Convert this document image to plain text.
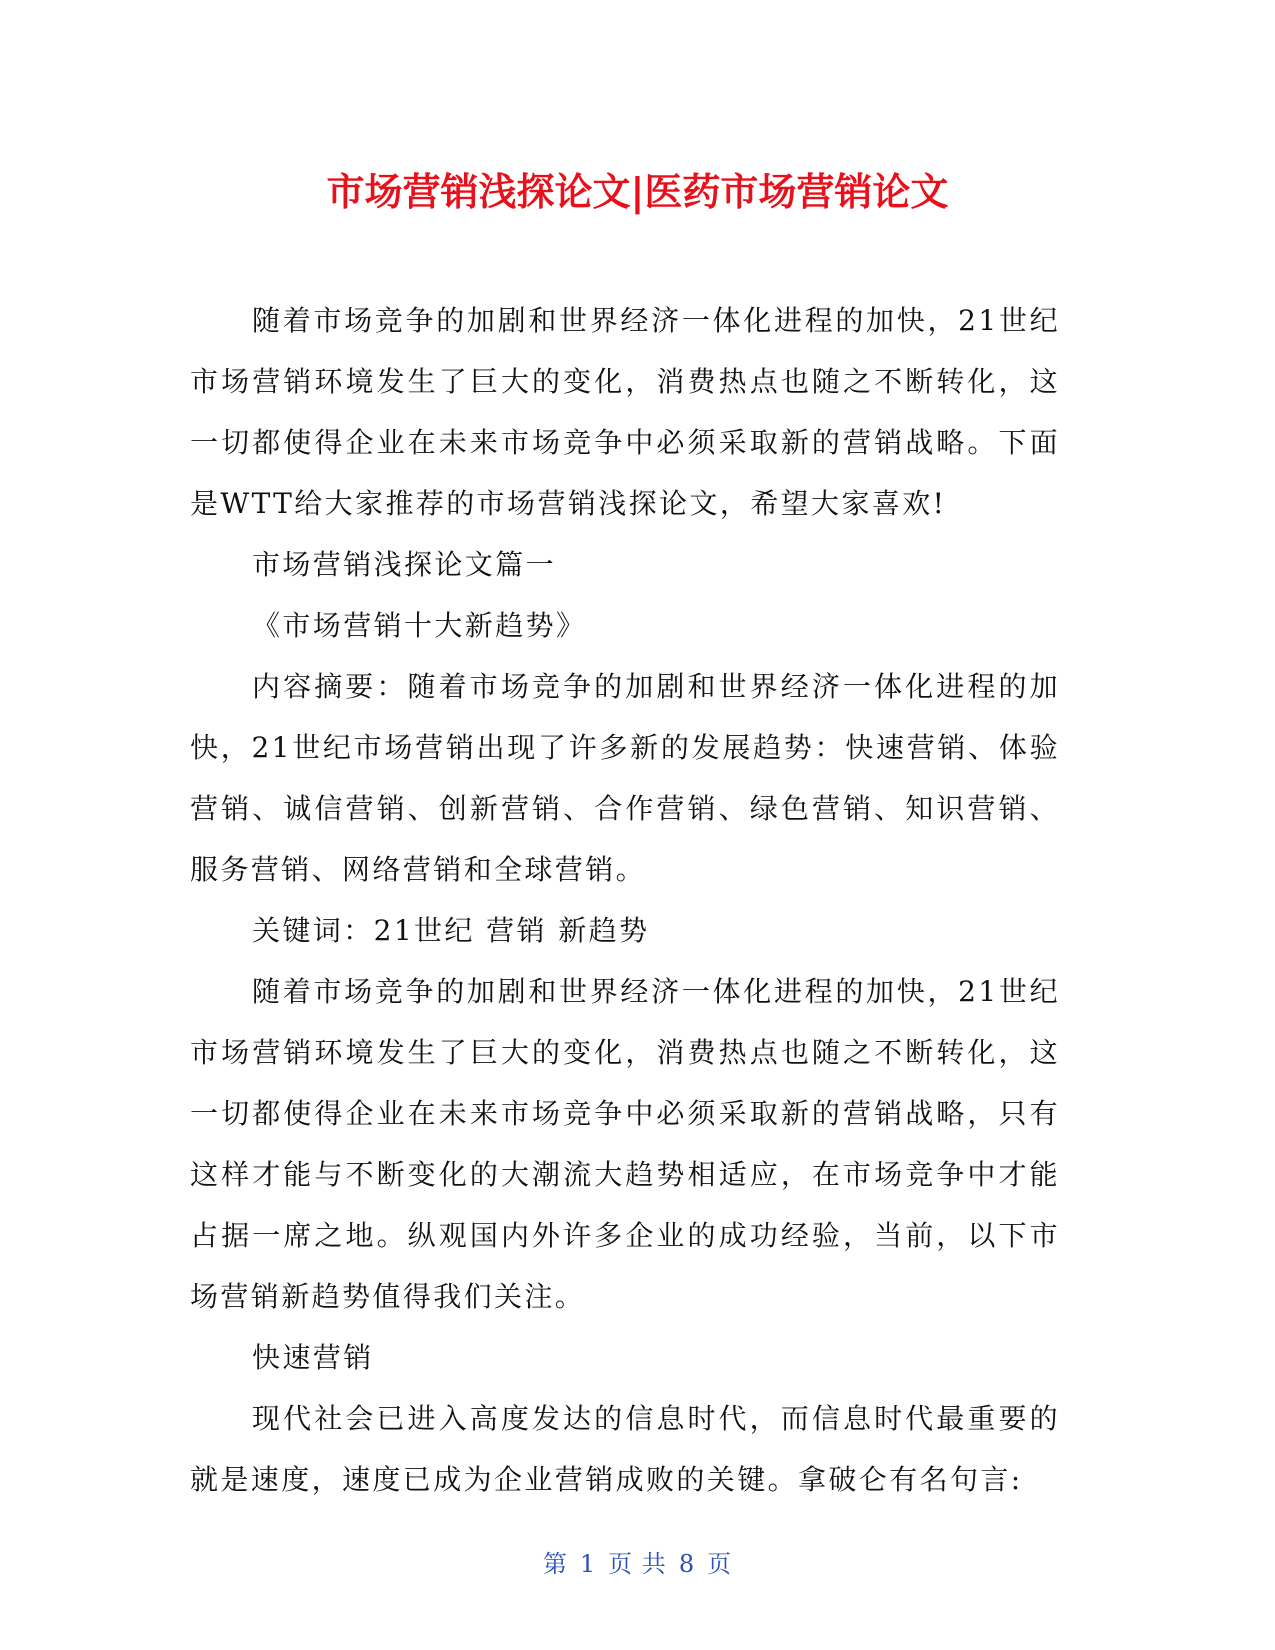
市场营销浅探论文|医药市场营销论文

随着市场竞争的加剧和世界经济一体化进程的加快，21世纪市场营销环境发生了巨大的变化，消费热点也随之不断转化，这一切都使得企业在未来市场竞争中必须采取新的营销战略。下面是WTT给大家推荐的市场营销浅探论文，希望大家喜欢!

市场营销浅探论文篇一

《市场营销十大新趋势》

内容摘要：随着市场竞争的加剧和世界经济一体化进程的加快，21世纪市场营销出现了许多新的发展趋势：快速营销、体验营销、诚信营销、创新营销、合作营销、绿色营销、知识营销、服务营销、网络营销和全球营销。

关键词：21世纪 营销 新趋势

随着市场竞争的加剧和世界经济一体化进程的加快，21世纪市场营销环境发生了巨大的变化，消费热点也随之不断转化，这一切都使得企业在未来市场竞争中必须采取新的营销战略，只有这样才能与不断变化的大潮流大趋势相适应，在市场竞争中才能占据一席之地。纵观国内外许多企业的成功经验，当前，以下市场营销新趋势值得我们关注。

快速营销

现代社会已进入高度发达的信息时代，而信息时代最重要的就是速度，速度已成为企业营销成败的关键。拿破仑有名句言:

第 1 页 共 8 页
